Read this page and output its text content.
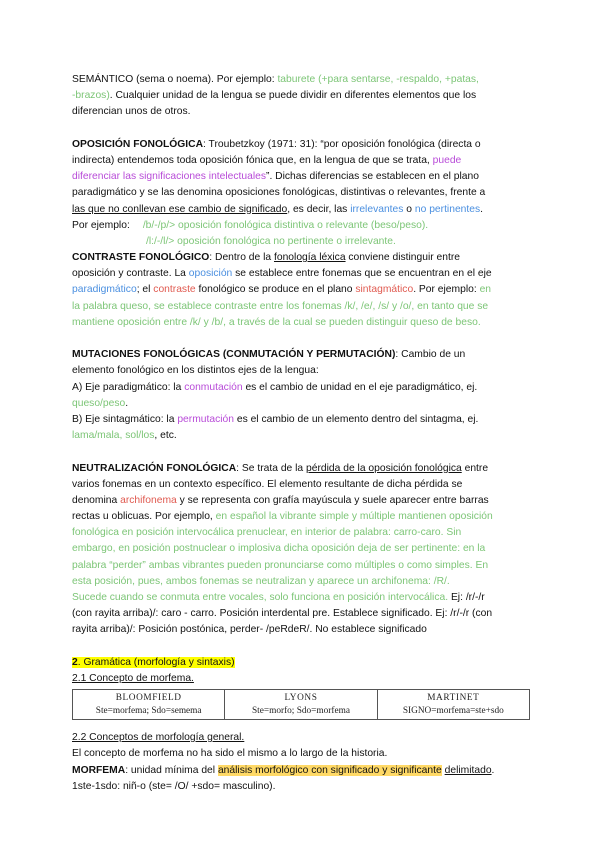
SEMÁNTICO (sema o noema). Por ejemplo: taburete (+para sentarse, -respaldo, +patas,
-brazos). Cualquier unidad de la lengua se puede dividir en diferentes elementos que los
diferencian unos de otros.
OPOSICIÓN FONOLÓGICA: Troubetzkoy (1971: 31): “por oposición fonológica (directa o
indirecta) entendemos toda oposición fónica que, en la lengua de que se trata, puede
diferenciar las significaciones intelectuales”. Dichas diferencias se establecen en el plano
paradigmático y se las denomina oposiciones fonológicas, distintivas o relevantes, frente a
las que no conllevan ese cambio de significado, es decir, las irrelevantes o no pertinentes.
Por ejemplo: /b/-/p/> oposición fonológica distintiva o relevante (beso/peso).
/l:/-/l/> oposición fonológica no pertinente o irrelevante.
CONTRASTE FONOLÓGICO: Dentro de la fonología léxica conviene distinguir entre
oposición y contraste. La oposición se establece entre fonemas que se encuentran en el eje
paradigmático; el contraste fonológico se produce en el plano sintagmático. Por ejemplo: en
la palabra queso, se establece contraste entre los fonemas /k/, /e/, /s/ y /o/, en tanto que se
mantiene oposición entre /k/ y /b/, a través de la cual se pueden distinguir queso de beso.
MUTACIONES FONOLÓGICAS (CONMUTACIÓN Y PERMUTACIÓN): Cambio de un
elemento fonológico en los distintos ejes de la lengua:
A) Eje paradigmático: la conmutación es el cambio de unidad en el eje paradigmático, ej.
queso/peso.
B) Eje sintagmático: la permutación es el cambio de un elemento dentro del sintagma, ej.
lama/mala, sol/los, etc.
NEUTRALIZACIÓN FONOLÓGICA: Se trata de la pérdida de la oposición fonológica entre
varios fonemas en un contexto específico. El elemento resultante de dicha pérdida se
denomina archifonema y se representa con grafía mayúscula y suele aparecer entre barras
rectas u oblicuas. Por ejemplo, en español la vibrante simple y múltiple mantienen oposición
fonológica en posición intervocálica prenuclear, en interior de palabra: carro-caro. Sin
embargo, en posición postnuclear o implosiva dicha oposición deja de ser pertinente: en la
palabra “perder” ambas vibrantes pueden pronunciarse como múltiples o como simples. En
esta posición, pues, ambos fonemas se neutralizan y aparece un archifonema: /R/.
Sucede cuando se conmuta entre vocales, solo funciona en posición intervocálica. Ej: /r/-/r
(con rayita arriba)/: caro - carro. Posición interdental pre. Establece significado. Ej: /r/-/r (con
rayita arriba)/: Posición postónica, perder- /peRdeR/. No establece significado
2. Gramática (morfología y sintaxis)
2.1 Concepto de morfema.
BLOOMFIELD	LYONS	MARTINET
Ste=morfema; Sdo=semema	Ste=morfo; Sdo=morfema	SIGNO=morfema=ste+sdo
2.2 Conceptos de morfología general.
El concepto de morfema no ha sido el mismo a lo largo de la historia.
MORFEMA: unidad mínima del análisis morfológico con significado y significante delimitado.
1ste-1sdo: niñ-o (ste= /O/ +sdo= masculino).
